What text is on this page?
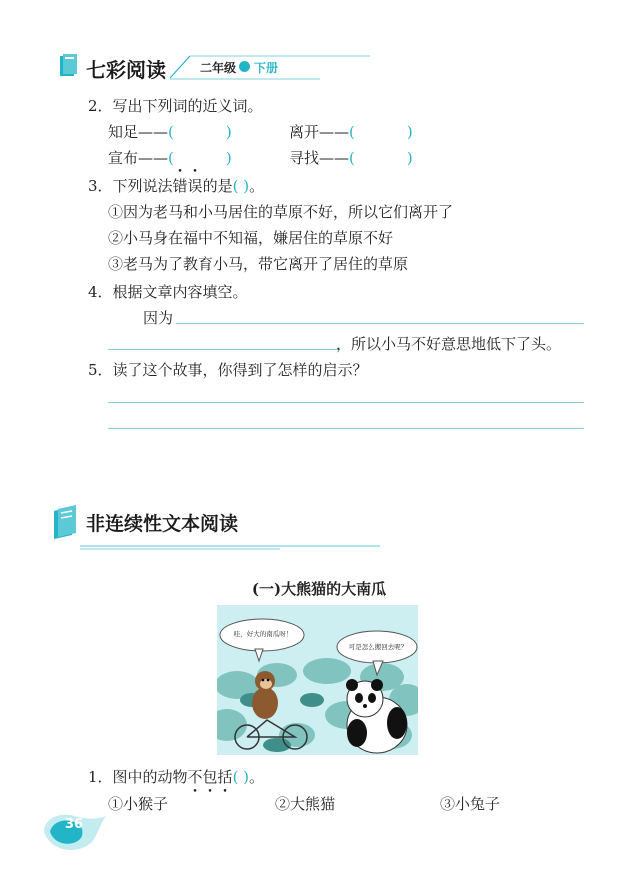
七彩阅读	二年级 下册
2．写出下列词的近义词。
知足——(	)	离开——(	)
宣布——(	)	寻找——(	)
3．下列说法错误
• •
的是( )。
①因为老马和小马居住的草原不好，所以它们离开了
②小马身在福中不知福，嫌居住的草原不好
③老马为了教育小马，带它离开了居住的草原
4．根据文章内容填空。
因为
，所以小马不好意思地低下了头。
5．读了这个故事，你得到了怎样的启示？
非连续性文本阅读
(一)大熊猫的大南瓜
哇，好大的南瓜呀！
可是怎么搬回去呢？
1．图中的动物不包括
• • •
( )。
①小猴子	②大熊猫	③小兔子
36
